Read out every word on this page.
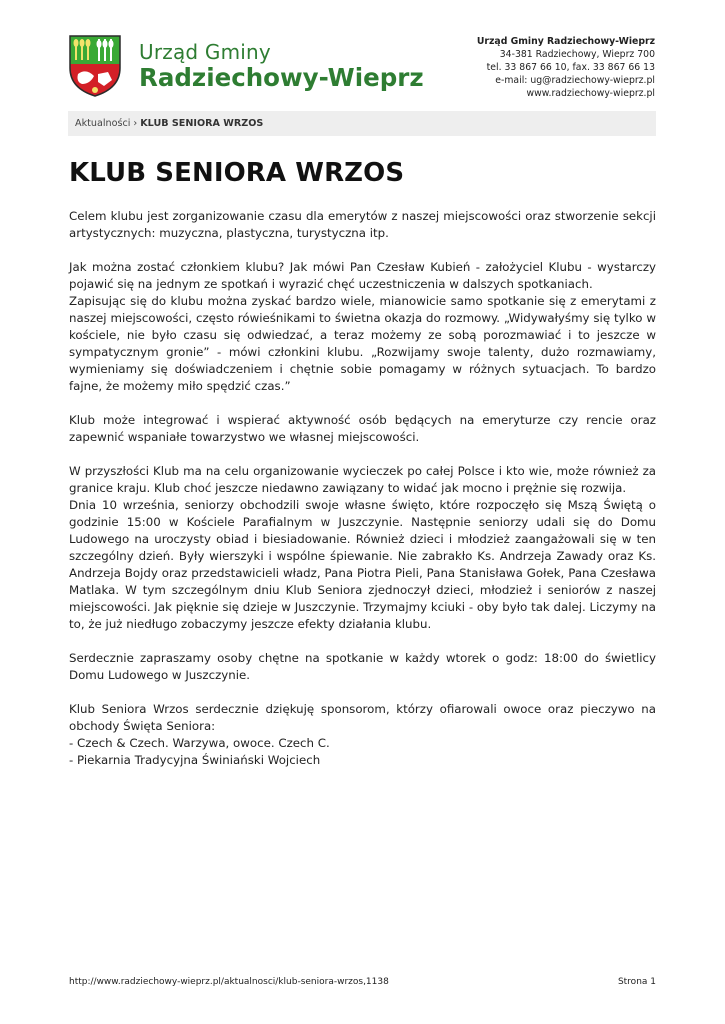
Urząd Gminy
Radziechowy-Wieprz
Urząd Gminy Radziechowy-Wieprz
34-381 Radziechowy, Wieprz 700
tel. 33 867 66 10, fax. 33 867 66 13
e-mail: ug@radziechowy-wieprz.pl
www.radziechowy-wieprz.pl
Aktualności › KLUB SENIORA WRZOS
KLUB SENIORA WRZOS

Celem klubu jest zorganizowanie czasu dla emerytów z naszej miejscowości oraz stworzenie sekcji artystycznych: muzyczna, plastyczna, turystyczna itp.

Jak można zostać członkiem klubu? Jak mówi Pan Czesław Kubień - założyciel Klubu - wystarczy pojawić się na jednym ze spotkań i wyrazić chęć uczestniczenia w dalszych spotkaniach.
Zapisując się do klubu można zyskać bardzo wiele, mianowicie samo spotkanie się z emerytami z naszej miejscowości, często rówieśnikami to świetna okazja do rozmowy. „Widywałyśmy się tylko w kościele, nie było czasu się odwiedzać, a teraz możemy ze sobą porozmawiać i to jeszcze w sympatycznym gronie” - mówi członkini klubu. „Rozwijamy swoje talenty, dużo rozmawiamy, wymieniamy się doświadczeniem i chętnie sobie pomagamy w różnych sytuacjach. To bardzo fajne, że możemy miło spędzić czas.”

Klub może integrować i wspierać aktywność osób będących na emeryturze czy rencie oraz zapewnić wspaniałe towarzystwo we własnej miejscowości.

W przyszłości Klub ma na celu organizowanie wycieczek po całej Polsce i kto wie, może również za granice kraju. Klub choć jeszcze niedawno zawiązany to widać jak mocno i prężnie się rozwija.
Dnia 10 września, seniorzy obchodzili swoje własne święto, które rozpoczęło się Mszą Świętą o godzinie 15:00 w Kościele Parafialnym w Juszczynie. Następnie seniorzy udali się do Domu Ludowego na uroczysty obiad i biesiadowanie. Również dzieci i młodzież zaangażowali się w ten szczególny dzień. Były wierszyki i wspólne śpiewanie. Nie zabrakło Ks. Andrzeja Zawady oraz Ks. Andrzeja Bojdy oraz przedstawicieli władz, Pana Piotra Pieli, Pana Stanisława Gołek, Pana Czesława Matlaka. W tym szczególnym dniu Klub Seniora zjednoczył dzieci, młodzież i seniorów z naszej miejscowości. Jak pięknie się dzieje w Juszczynie. Trzymajmy kciuki - oby było tak dalej. Liczymy na to, że już niedługo zobaczymy jeszcze efekty działania klubu.

Serdecznie zapraszamy osoby chętne na spotkanie w każdy wtorek o godz: 18:00 do świetlicy Domu Ludowego w Juszczynie.

Klub Seniora Wrzos serdecznie dziękuję sponsorom, którzy ofiarowali owoce oraz pieczywo na obchody Święta Seniora:
- Czech & Czech. Warzywa, owoce. Czech C.
- Piekarnia Tradycyjna Świniański Wojciech

http://www.radziechowy-wieprz.pl/aktualnosci/klub-seniora-wrzos,1138	Strona 1
